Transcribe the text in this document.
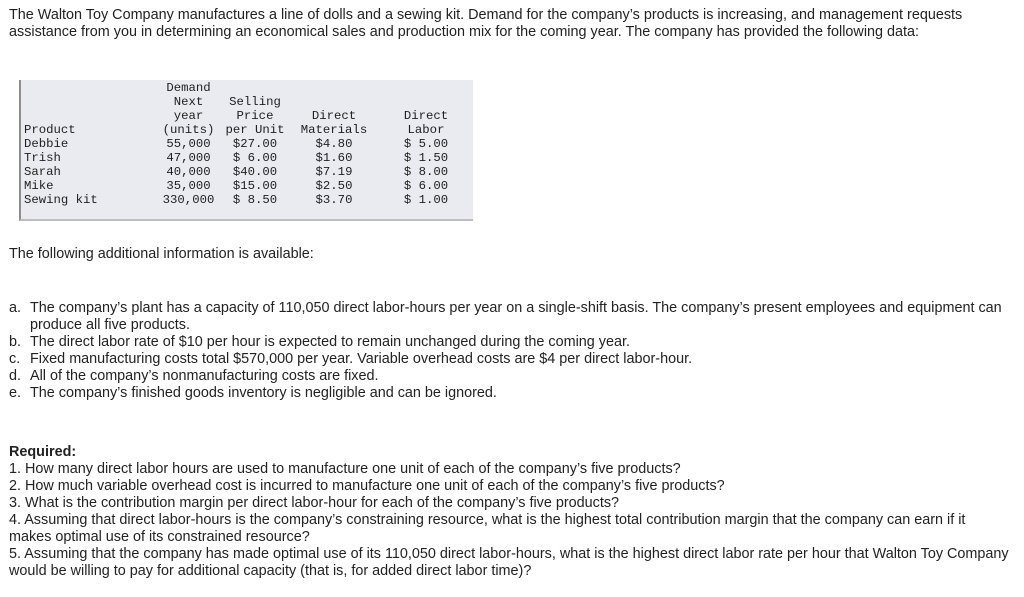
The Walton Toy Company manufactures a line of dolls and a sewing kit. Demand for the company’s products is increasing, and management requests assistance from you in determining an economical sales and production mix for the coming year. The company has provided the following data:

	Demand			
	Next	Selling		
	year	Price	Direct	Direct
Product	(units)	per Unit	Materials	Labor
Debbie	55,000	$27.00	$4.80	$ 5.00
Trish	47,000	$ 6.00	$1.60	$ 1.50
Sarah	40,000	$40.00	$7.19	$ 8.00
Mike	35,000	$15.00	$2.50	$ 6.00
Sewing kit	330,000	$ 8.50	$3.70	$ 1.00

The following additional information is available:

a. The company’s plant has a capacity of 110,050 direct labor-hours per year on a single-shift basis. The company’s present employees and equipment can produce all five products.
b. The direct labor rate of $10 per hour is expected to remain unchanged during the coming year.
c. Fixed manufacturing costs total $570,000 per year. Variable overhead costs are $4 per direct labor-hour.
d. All of the company’s nonmanufacturing costs are fixed.
e. The company’s finished goods inventory is negligible and can be ignored.
Required:
1. How many direct labor hours are used to manufacture one unit of each of the company’s five products?
2. How much variable overhead cost is incurred to manufacture one unit of each of the company’s five products?
3. What is the contribution margin per direct labor-hour for each of the company’s five products?
4. Assuming that direct labor-hours is the company’s constraining resource, what is the highest total contribution margin that the company can earn if it makes optimal use of its constrained resource?
5. Assuming that the company has made optimal use of its 110,050 direct labor-hours, what is the highest direct labor rate per hour that Walton Toy Company would be willing to pay for additional capacity (that is, for added direct labor time)?
